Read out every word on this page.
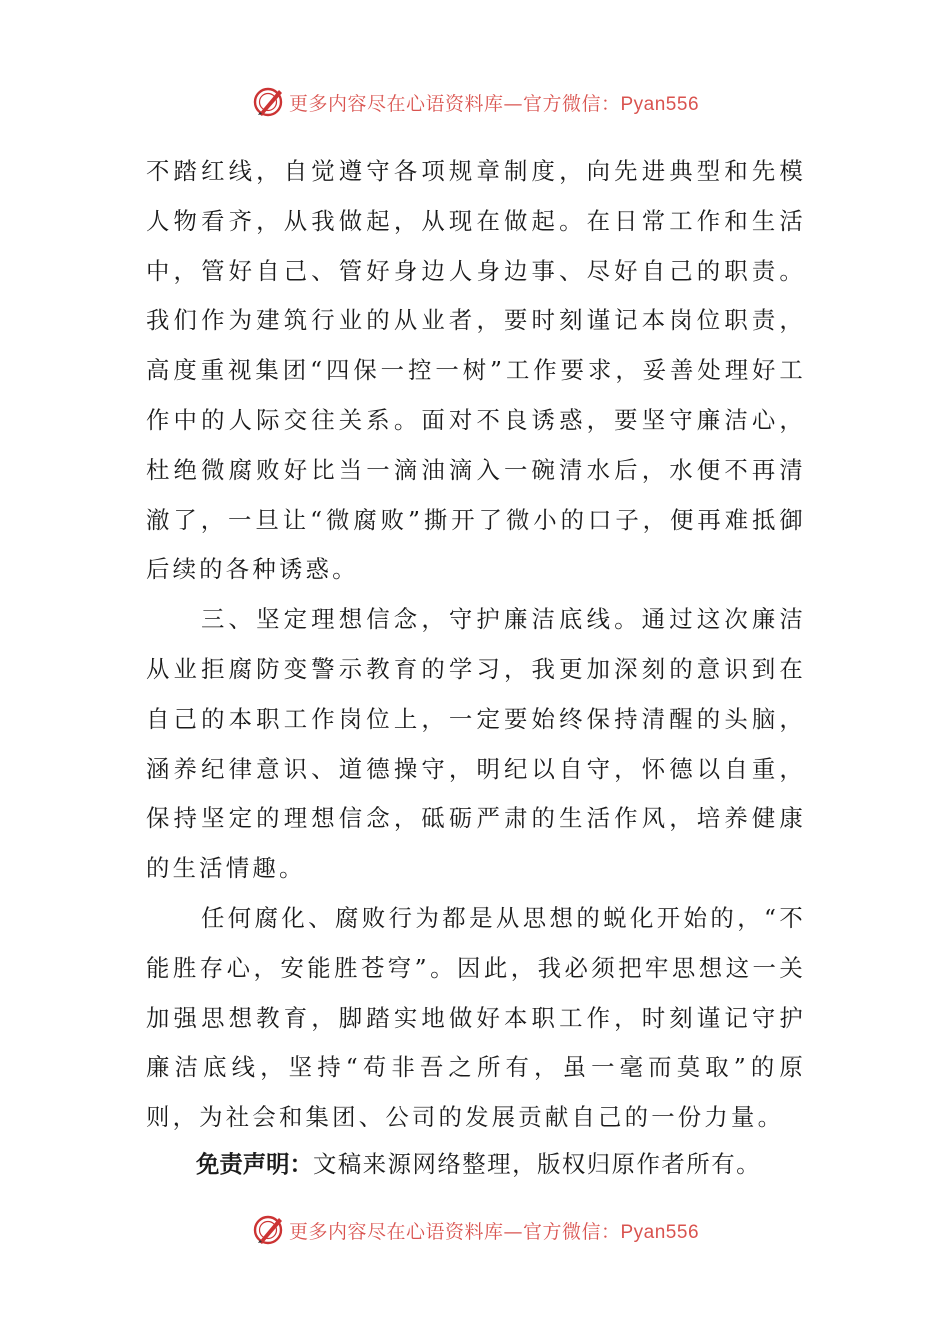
更多内容尽在心语资料库—官方微信：Pyan556

不踏红线，自觉遵守各项规章制度，向先进典型和先模人物看齐，从我做起，从现在做起。在日常工作和生活中，管好自己、管好身边人身边事、尽好自己的职责。我们作为建筑行业的从业者，要时刻谨记本岗位职责，高度重视集团“四保一控一树”工作要求，妥善处理好工作中的人际交往关系。面对不良诱惑，要坚守廉洁心，杜绝微腐败好比当一滴油滴入一碗清水后，水便不再清澈了，一旦让“微腐败”撕开了微小的口子，便再难抵御后续的各种诱惑。

三、坚定理想信念，守护廉洁底线。通过这次廉洁从业拒腐防变警示教育的学习，我更加深刻的意识到在自己的本职工作岗位上，一定要始终保持清醒的头脑，涵养纪律意识、道德操守，明纪以自守，怀德以自重，保持坚定的理想信念，砥砺严肃的生活作风，培养健康的生活情趣。

任何腐化、腐败行为都是从思想的蜕化开始的，“不能胜存心，安能胜苍穹”。因此，我必须把牢思想这一关加强思想教育，脚踏实地做好本职工作，时刻谨记守护廉洁底线，坚持“苟非吾之所有，虽一毫而莫取”的原则，为社会和集团、公司的发展贡献自己的一份力量。

免责声明：文稿来源网络整理，版权归原作者所有。
更多内容尽在心语资料库—官方微信：Pyan556
